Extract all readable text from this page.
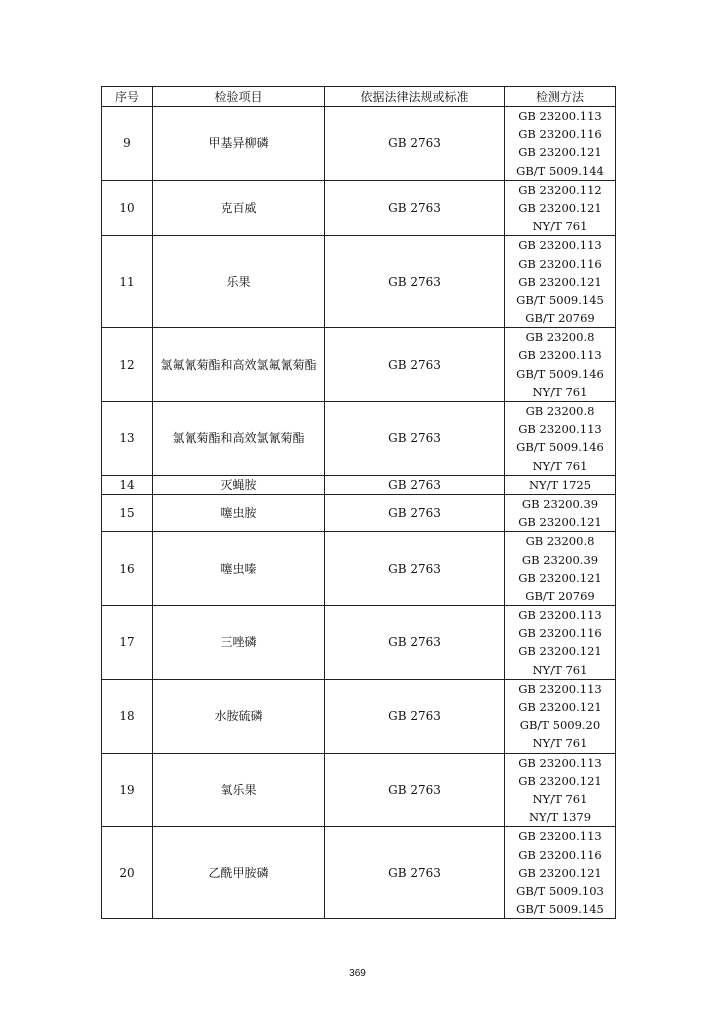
序号	检验项目	依据法律法规或标准	检测方法
9	甲基异柳磷	GB 2763	GB 23200.113
GB 23200.116
GB 23200.121
GB/T 5009.144

10	克百威	GB 2763	GB 23200.112
GB 23200.121
NY/T 761

11	乐果	GB 2763	GB 23200.113
GB 23200.116
GB 23200.121
GB/T 5009.145
GB/T 20769

12	氯氟氰菊酯和高效氯氟氰菊酯	GB 2763	GB 23200.8
GB 23200.113
GB/T 5009.146
NY/T 761

13	氯氰菊酯和高效氯氰菊酯	GB 2763	GB 23200.8
GB 23200.113
GB/T 5009.146
NY/T 761

14	灭蝇胺	GB 2763	NY/T 1725

15	噻虫胺	GB 2763	GB 23200.39
GB 23200.121

16	噻虫嗪	GB 2763	GB 23200.8
GB 23200.39
GB 23200.121
GB/T 20769

17	三唑磷	GB 2763	GB 23200.113
GB 23200.116
GB 23200.121
NY/T 761

18	水胺硫磷	GB 2763	GB 23200.113
GB 23200.121
GB/T 5009.20
NY/T 761

19	氧乐果	GB 2763	GB 23200.113
GB 23200.121
NY/T 761
NY/T 1379

20	乙酰甲胺磷	GB 2763	GB 23200.113
GB 23200.116
GB 23200.121
GB/T 5009.103
GB/T 5009.145
369
